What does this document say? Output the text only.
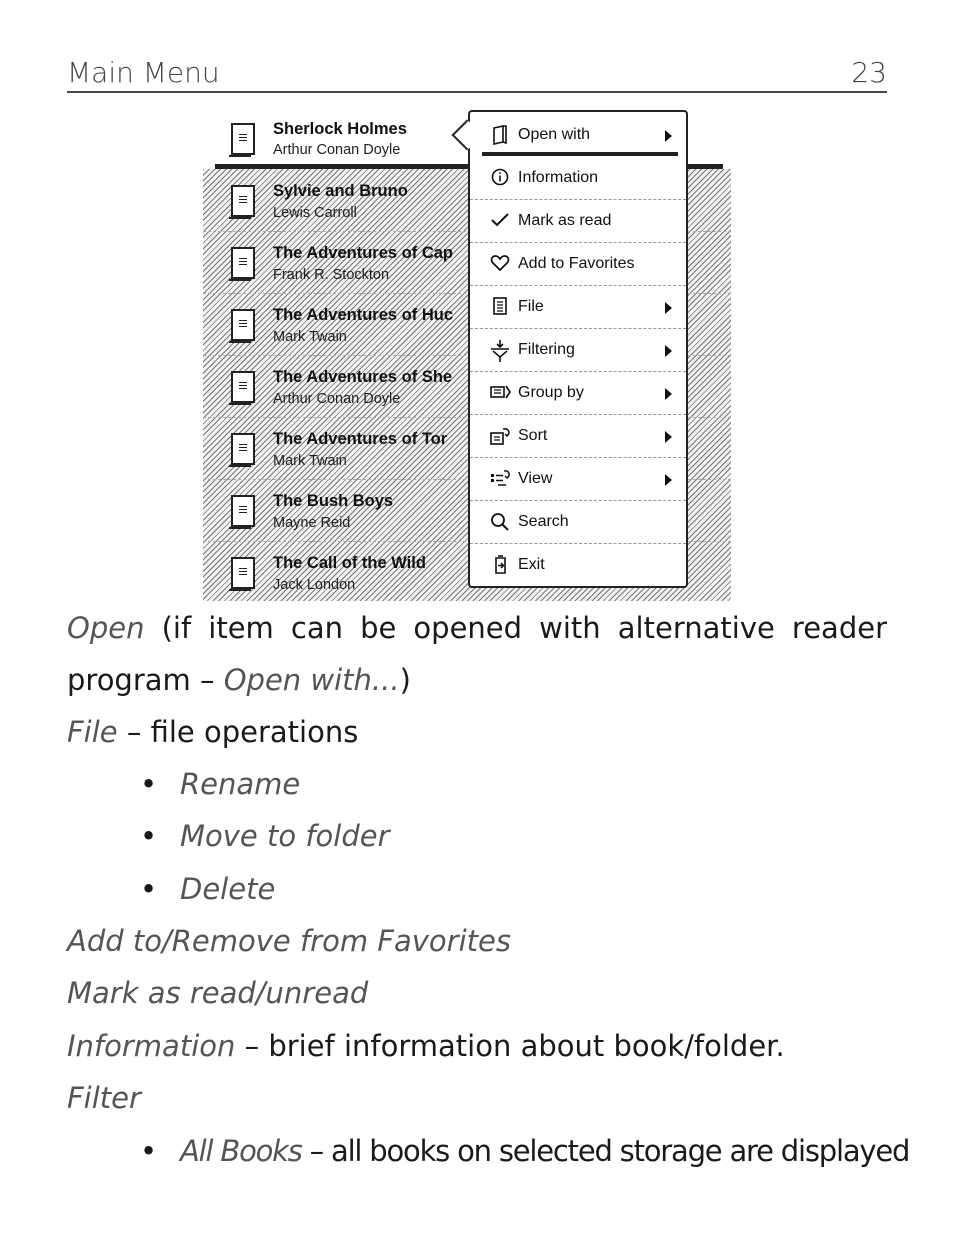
Main Menu	23
Sherlock Holmes
Arthur Conan Doyle
Sylvie and Bruno
Lewis Carroll
The Adventures of Cap
Frank R. Stockton
The Adventures of Huc
Mark Twain
The Adventures of She
Arthur Conan Doyle
The Adventures of Tor
Mark Twain
The Bush Boys
Mayne Reid
The Call of the Wild
Jack London
Open with
Information
Mark as read
Add to Favorites
File
Filtering
Group by
Sort
View
Search
Exit
Open (if item can be opened with alternative reader
program – Open with...)
File – file operations
• Rename
• Move to folder
• Delete
Add to/Remove from Favorites
Mark as read/unread
Information – brief information about book/folder.
Filter
• All Books – all books on selected storage are displayed
